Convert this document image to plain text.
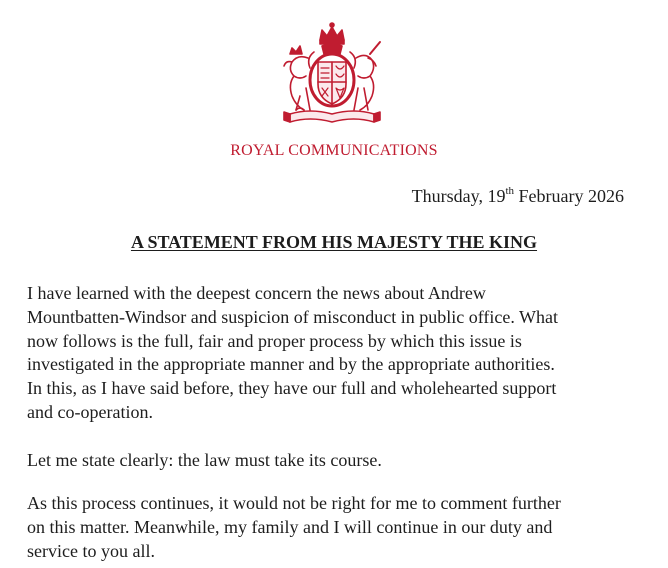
ROYAL COMMUNICATIONS
Thursday, 19th February 2026
A STATEMENT FROM HIS MAJESTY THE KING
I have learned with the deepest concern the news about Andrew
Mountbatten-Windsor and suspicion of misconduct in public office. What
now follows is the full, fair and proper process by which this issue is
investigated in the appropriate manner and by the appropriate authorities.
In this, as I have said before, they have our full and wholehearted support
and co-operation.
Let me state clearly: the law must take its course.
As this process continues, it would not be right for me to comment further
on this matter. Meanwhile, my family and I will continue in our duty and
service to you all.
